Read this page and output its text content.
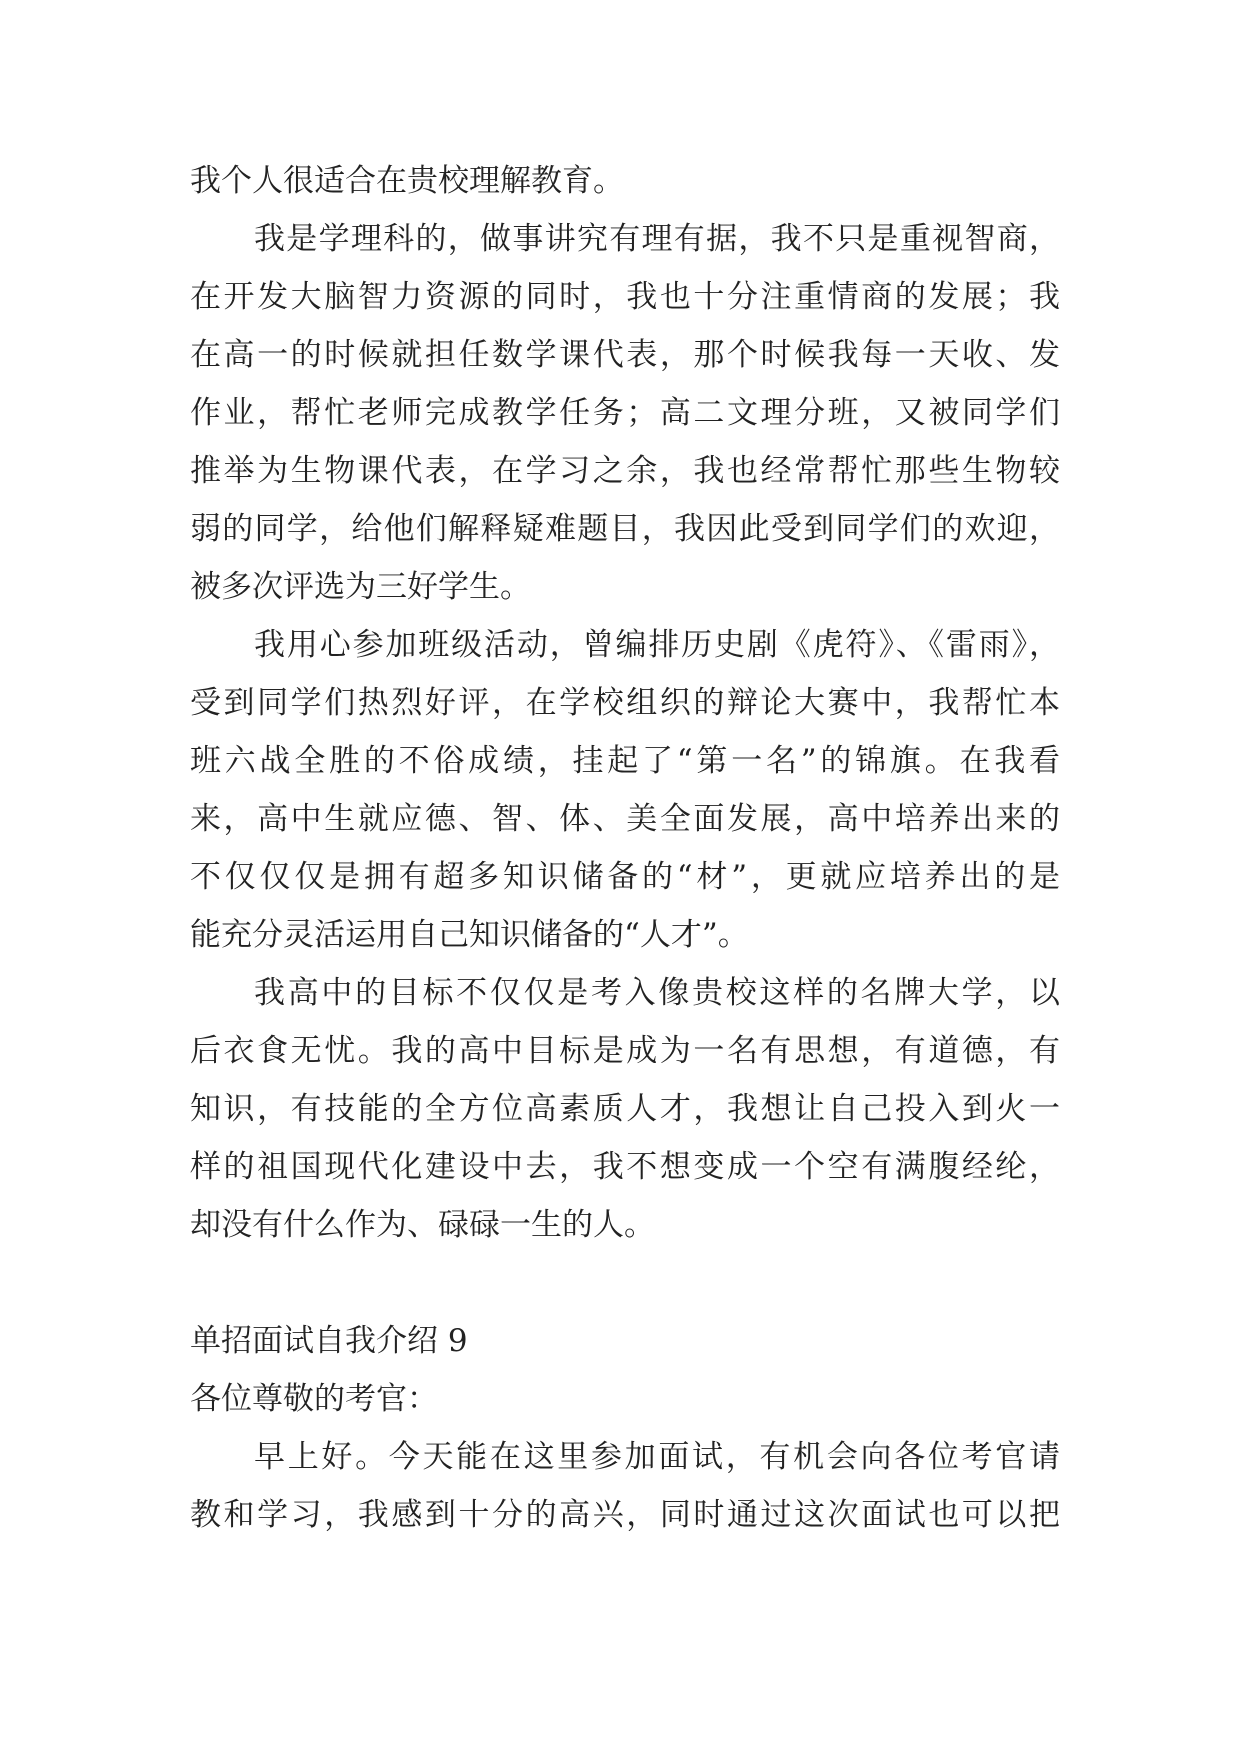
我个人很适合在贵校理解教育。
我是学理科的，做事讲究有理有据，我不只是重视智商，
在开发大脑智力资源的同时，我也十分注重情商的发展；我
在高一的时候就担任数学课代表，那个时候我每一天收、发
作业，帮忙老师完成教学任务；高二文理分班，又被同学们
推举为生物课代表，在学习之余，我也经常帮忙那些生物较
弱的同学，给他们解释疑难题目，我因此受到同学们的欢迎，
被多次评选为三好学生。
我用心参加班级活动，曾编排历史剧《虎符》、《雷雨》，
受到同学们热烈好评，在学校组织的辩论大赛中，我帮忙本
班六战全胜的不俗成绩，挂起了“第一名”的锦旗。在我看
来，高中生就应德、智、体、美全面发展，高中培养出来的
不仅仅仅是拥有超多知识储备的“材”，更就应培养出的是
能充分灵活运用自己知识储备的“人才”。
我高中的目标不仅仅是考入像贵校这样的名牌大学，以
后衣食无忧。我的高中目标是成为一名有思想，有道德，有
知识，有技能的全方位高素质人才，我想让自己投入到火一
样的祖国现代化建设中去，我不想变成一个空有满腹经纶，
却没有什么作为、碌碌一生的人。
单招面试自我介绍 9
各位尊敬的考官：
早上好。今天能在这里参加面试，有机会向各位考官请
教和学习，我感到十分的高兴，同时通过这次面试也可以把
